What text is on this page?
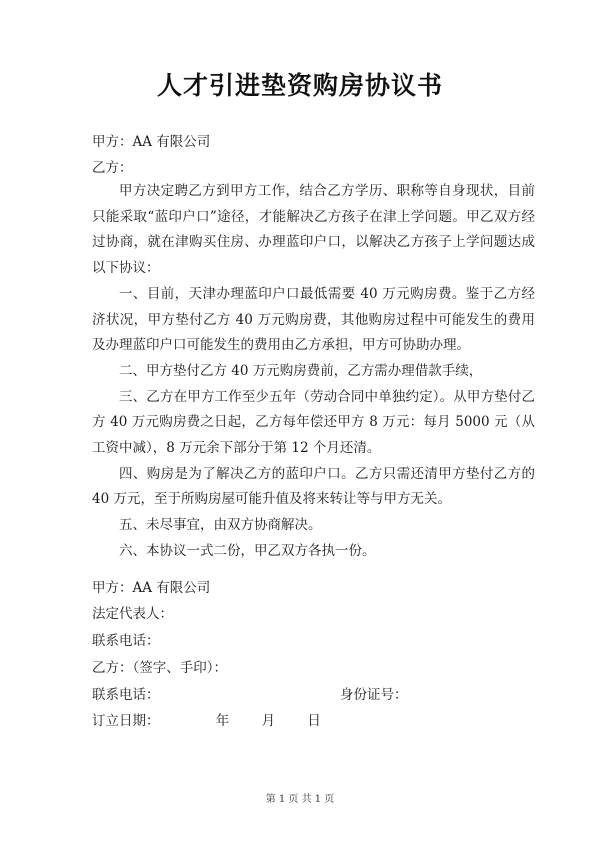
人才引进垫资购房协议书
甲方：AA 有限公司
乙方：

甲方决定聘乙方到甲方工作，结合乙方学历、职称等自身现状，目前只能采取“蓝印户口”途径，才能解决乙方孩子在津上学问题。甲乙双方经过协商，就在津购买住房、办理蓝印户口，以解决乙方孩子上学问题达成以下协议：

一、目前，天津办理蓝印户口最低需要 40 万元购房费。鉴于乙方经济状况，甲方垫付乙方 40 万元购房费，其他购房过程中可能发生的费用及办理蓝印户口可能发生的费用由乙方承担，甲方可协助办理。

二、甲方垫付乙方 40 万元购房费前，乙方需办理借款手续，

三、乙方在甲方工作至少五年（劳动合同中单独约定）。从甲方垫付乙方 40 万元购房费之日起，乙方每年偿还甲方 8 万元：每月 5000 元（从工资中减），8 万元余下部分于第 12 个月还清。

四、购房是为了解决乙方的蓝印户口。乙方只需还清甲方垫付乙方的 40 万元，至于所购房屋可能升值及将来转让等与甲方无关。

五、未尽事宜，由双方协商解决。

六、本协议一式二份，甲乙双方各执一份。

甲方：AA 有限公司
法定代表人：
联系电话：
乙方：（签字、手印）：
联系电话：	身份证号：
订立日期：	年 月 日
第 1 页 共 1 页
